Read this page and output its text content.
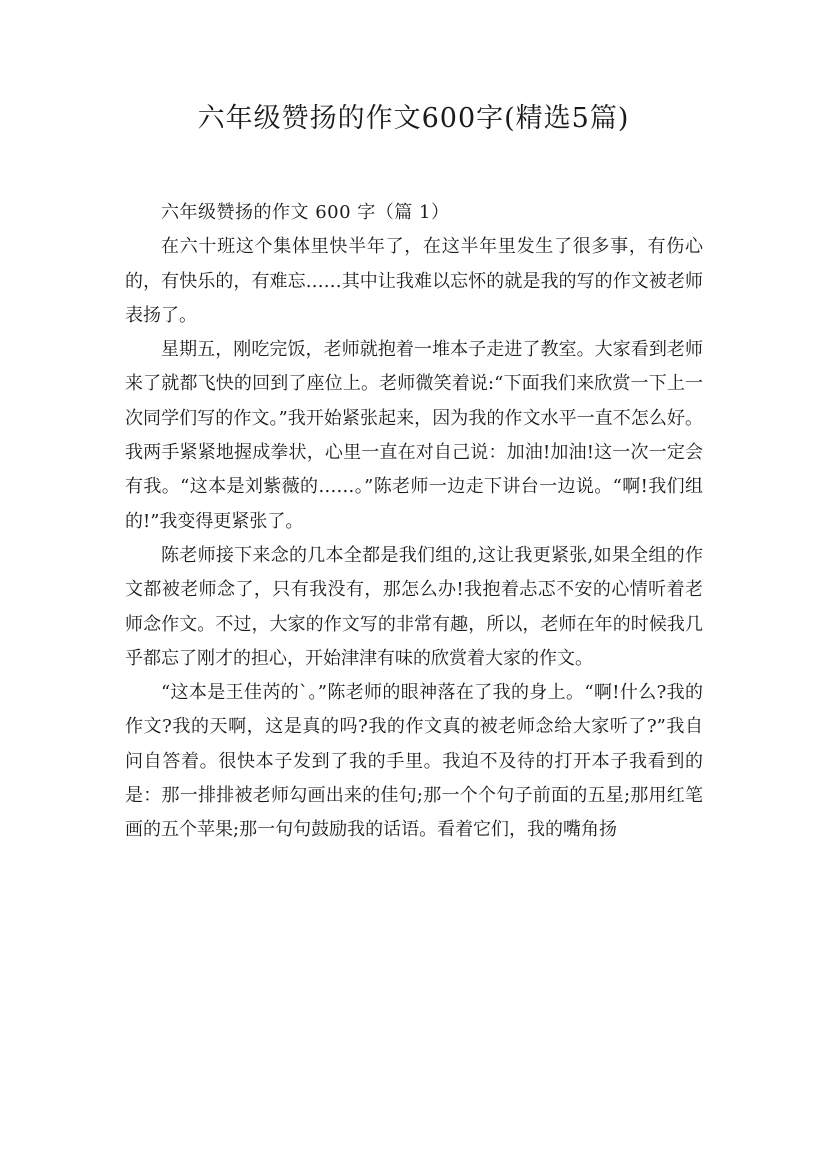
六年级赞扬的作文600字(精选5篇)

六年级赞扬的作文 600 字（篇 1）

在六十班这个集体里快半年了，在这半年里发生了很多事，有伤心的，有快乐的，有难忘……其中让我难以忘怀的就是我的写的作文被老师表扬了。

星期五，刚吃完饭，老师就抱着一堆本子走进了教室。大家看到老师来了就都飞快的回到了座位上。老师微笑着说:“下面我们来欣赏一下上一次同学们写的作文。”我开始紧张起来，因为我的作文水平一直不怎么好。我两手紧紧地握成拳状，心里一直在对自己说：加油!加油!这一次一定会有我。“这本是刘紫薇的……。”陈老师一边走下讲台一边说。“啊!我们组的!”我变得更紧张了。

陈老师接下来念的几本全都是我们组的,这让我更紧张,如果全组的作文都被老师念了，只有我没有，那怎么办!我抱着忐忑不安的心情听着老师念作文。不过，大家的作文写的非常有趣，所以，老师在年的时候我几乎都忘了刚才的担心，开始津津有味的欣赏着大家的作文。

“这本是王佳芮的`。”陈老师的眼神落在了我的身上。“啊!什么?我的作文?我的天啊，这是真的吗?我的作文真的被老师念给大家听了?”我自问自答着。很快本子发到了我的手里。我迫不及待的打开本子我看到的是：那一排排被老师勾画出来的佳句;那一个个句子前面的五星;那用红笔画的五个苹果;那一句句鼓励我的话语。看着它们，我的嘴角扬
